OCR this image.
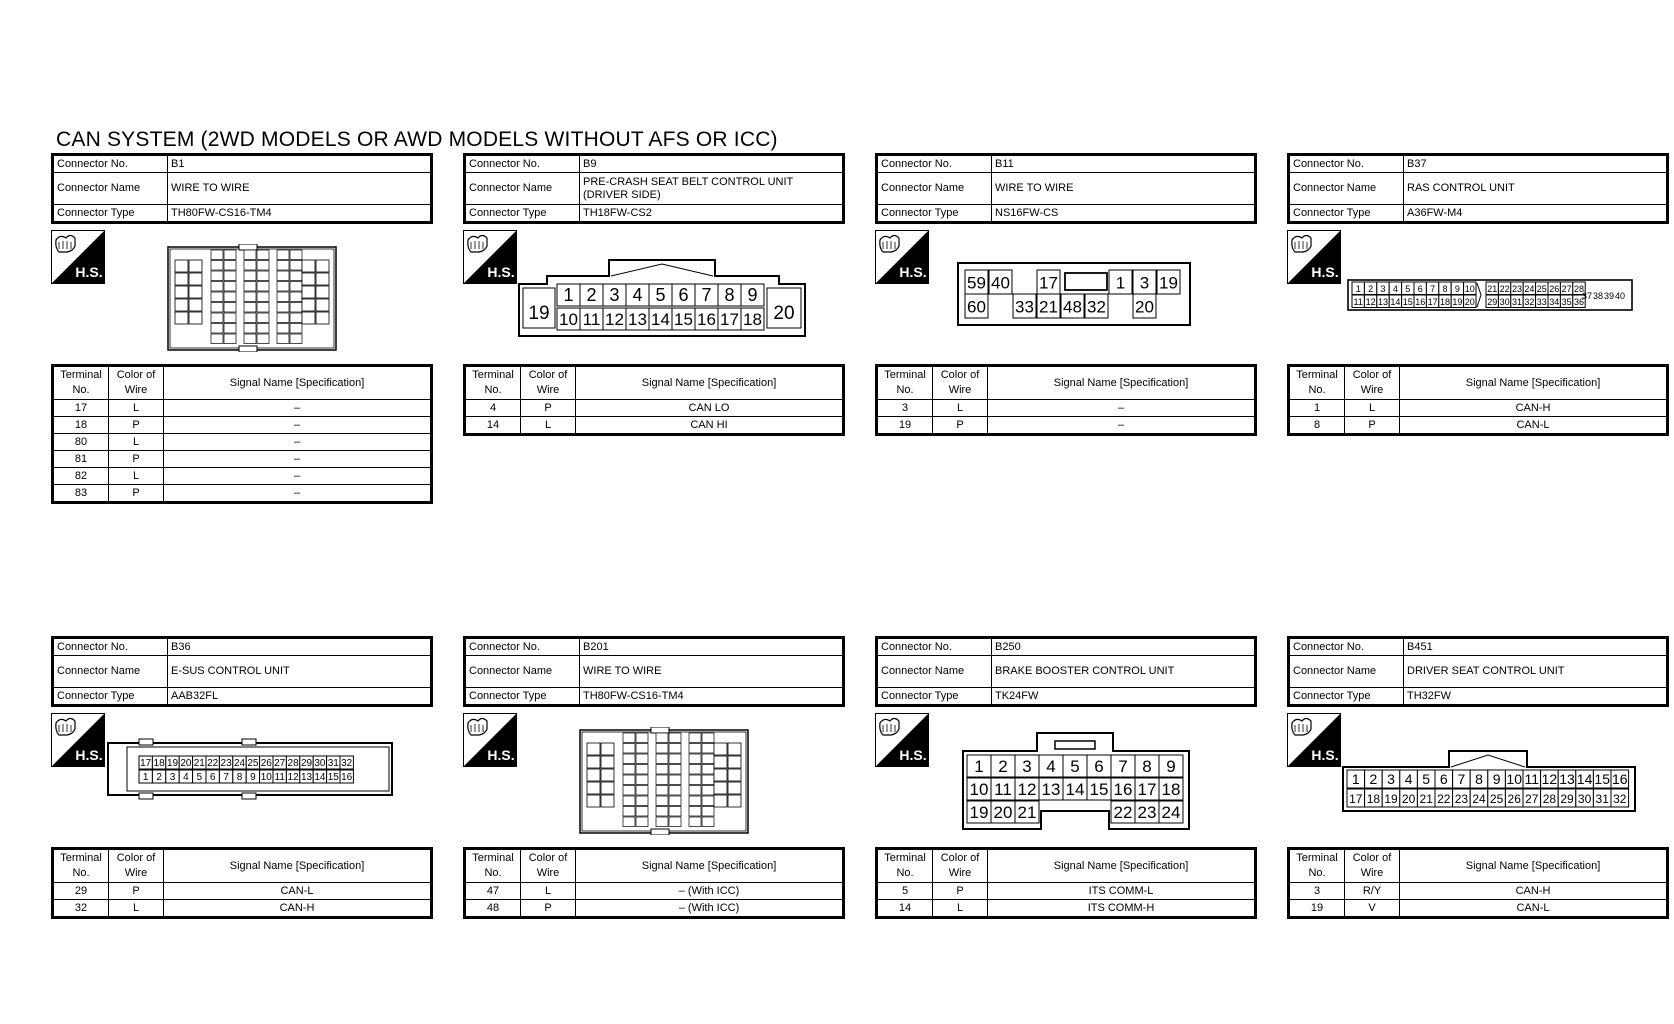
CAN SYSTEM (2WD MODELS OR AWD MODELS WITHOUT AFS OR ICC)
Connector No.	B1
Connector Name	WIRE TO WIRE
Connector Type	TH80FW-CS16-TM4
H.S.
Terminal No.	Color of Wire	Signal Name [Specification]
17	L	–
18	P	–
80	L	–
81	P	–
82	L	–
83	P	–
Connector No.	B9
Connector Name	PRE-CRASH SEAT BELT CONTROL UNIT (DRIVER SIDE)
Connector Type	TH18FW-CS2
H.S.
1 2 3 4 5 6 7 8 9
10 11 12 13 14 15 16 17 18
19	20
Terminal No.	Color of Wire	Signal Name [Specification]
4	P	CAN LO
14	L	CAN HI
Connector No.	B11
Connector Name	WIRE TO WIRE
Connector Type	NS16FW-CS
H.S.
59 40 17	1 3 19
60 33 21 48 32 20
Terminal No.	Color of Wire	Signal Name [Specification]
3	L	–
19	P	–
Connector No.	B37
Connector Name	RAS CONTROL UNIT
Connector Type	A36FW-M4
H.S.
1 2 3 4 5 6 7 8 9 10 21 22 23 24 25 26 27 28
11 12 13 14 15 16 17 18 19 20 29 30 31 32 33 34 35 36
37 38 39 40
Terminal No.	Color of Wire	Signal Name [Specification]
1	L	CAN-H
8	P	CAN-L
Connector No.	B36
Connector Name	E-SUS CONTROL UNIT
Connector Type	AAB32FL
H.S.
17 18 19 20 21 22 23 24 25 26 27 28 29 30 31 32
1 2 3 4 5 6 7 8 9 10 11 12 13 14 15 16
Terminal No.	Color of Wire	Signal Name [Specification]
29	P	CAN-L
32	L	CAN-H
Connector No.	B201
Connector Name	WIRE TO WIRE
Connector Type	TH80FW-CS16-TM4
H.S.
Terminal No.	Color of Wire	Signal Name [Specification]
47	L	– (With ICC)
48	P	– (With ICC)
Connector No.	B250
Connector Name	BRAKE BOOSTER CONTROL UNIT
Connector Type	TK24FW
H.S.
1 2 3 4 5 6 7 8 9
10 11 12 13 14 15 16 17 18
19 20 21	22 23 24
Terminal No.	Color of Wire	Signal Name [Specification]
5	P	ITS COMM-L
14	L	ITS COMM-H
Connector No.	B451
Connector Name	DRIVER SEAT CONTROL UNIT
Connector Type	TH32FW
H.S.
1 2 3 4 5 6 7 8 9 10 11 12 13 14 15 16
17 18 19 20 21 22 23 24 25 26 27 28 29 30 31 32
Terminal No.	Color of Wire	Signal Name [Specification]
3	R/Y	CAN-H
19	V	CAN-L
